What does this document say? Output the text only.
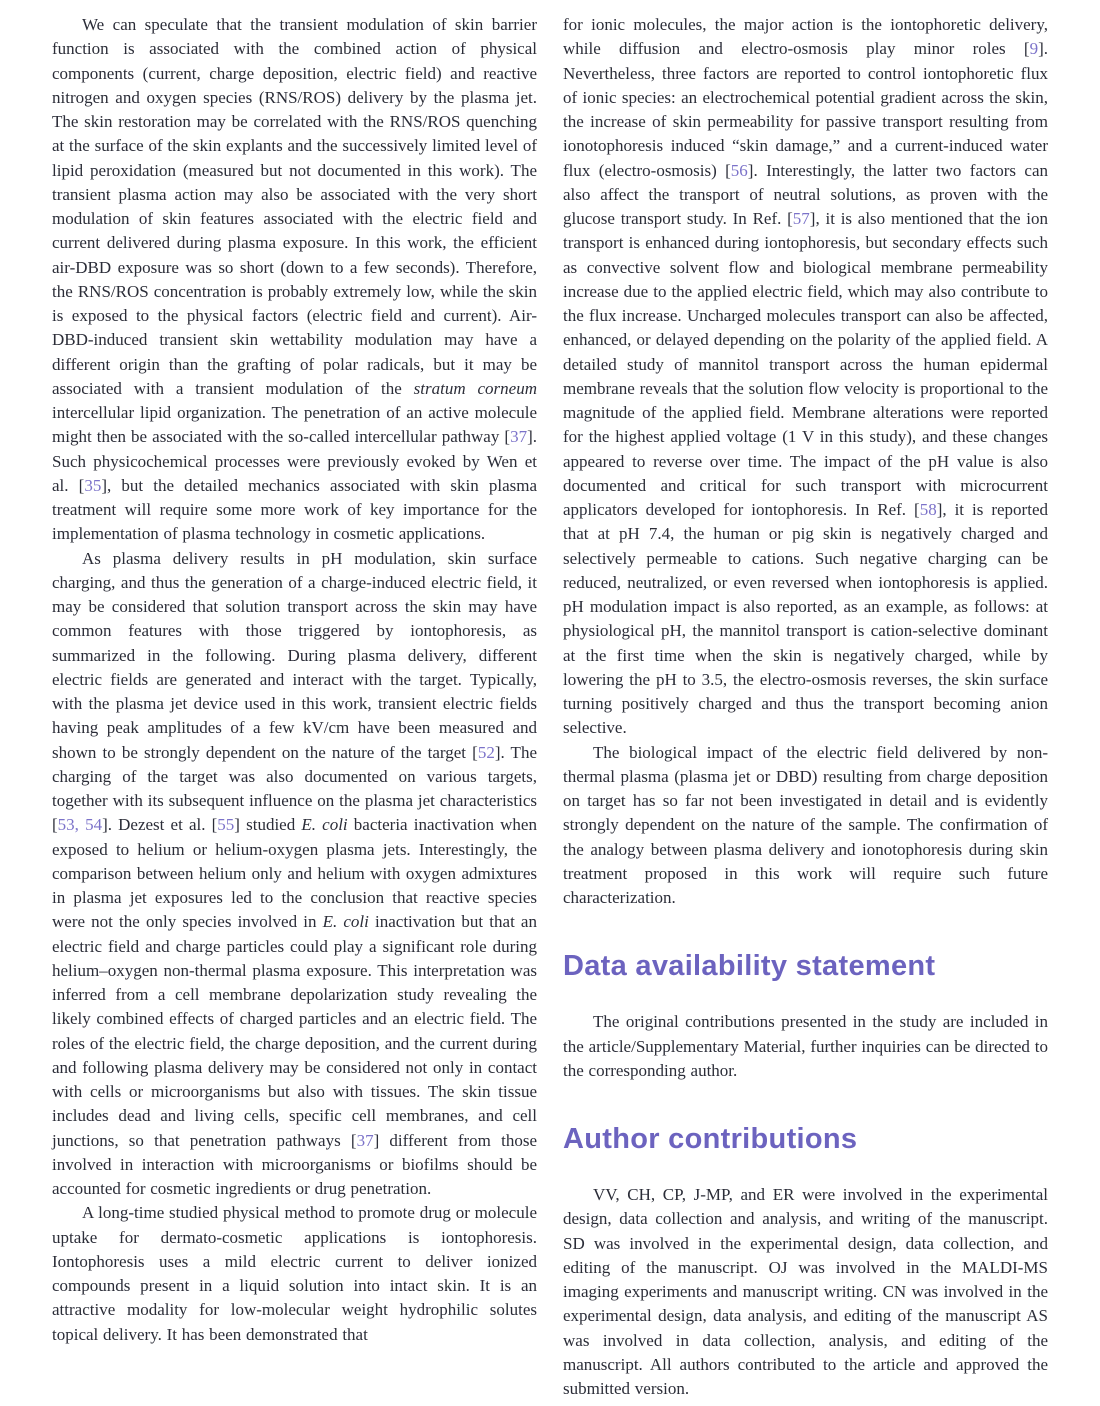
We can speculate that the transient modulation of skin barrier function is associated with the combined action of physical components (current, charge deposition, electric field) and reactive nitrogen and oxygen species (RNS/ROS) delivery by the plasma jet. The skin restoration may be correlated with the RNS/ROS quenching at the surface of the skin explants and the successively limited level of lipid peroxidation (measured but not documented in this work). The transient plasma action may also be associated with the very short modulation of skin features associated with the electric field and current delivered during plasma exposure. In this work, the efficient air-DBD exposure was so short (down to a few seconds). Therefore, the RNS/ROS concentration is probably extremely low, while the skin is exposed to the physical factors (electric field and current). Air-DBD-induced transient skin wettability modulation may have a different origin than the grafting of polar radicals, but it may be associated with a transient modulation of the stratum corneum intercellular lipid organization. The penetration of an active molecule might then be associated with the so-called intercellular pathway [37]. Such physicochemical processes were previously evoked by Wen et al. [35], but the detailed mechanics associated with skin plasma treatment will require some more work of key importance for the implementation of plasma technology in cosmetic applications.

As plasma delivery results in pH modulation, skin surface charging, and thus the generation of a charge-induced electric field, it may be considered that solution transport across the skin may have common features with those triggered by iontophoresis, as summarized in the following. During plasma delivery, different electric fields are generated and interact with the target. Typically, with the plasma jet device used in this work, transient electric fields having peak amplitudes of a few kV/cm have been measured and shown to be strongly dependent on the nature of the target [52]. The charging of the target was also documented on various targets, together with its subsequent influence on the plasma jet characteristics [53, 54]. Dezest et al. [55] studied E. coli bacteria inactivation when exposed to helium or helium-oxygen plasma jets. Interestingly, the comparison between helium only and helium with oxygen admixtures in plasma jet exposures led to the conclusion that reactive species were not the only species involved in E. coli inactivation but that an electric field and charge particles could play a significant role during helium–oxygen non-thermal plasma exposure. This interpretation was inferred from a cell membrane depolarization study revealing the likely combined effects of charged particles and an electric field. The roles of the electric field, the charge deposition, and the current during and following plasma delivery may be considered not only in contact with cells or microorganisms but also with tissues. The skin tissue includes dead and living cells, specific cell membranes, and cell junctions, so that penetration pathways [37] different from those involved in interaction with microorganisms or biofilms should be accounted for cosmetic ingredients or drug penetration.

A long-time studied physical method to promote drug or molecule uptake for dermato-cosmetic applications is iontophoresis. Iontophoresis uses a mild electric current to deliver ionized compounds present in a liquid solution into intact skin. It is an attractive modality for low-molecular weight hydrophilic solutes topical delivery. It has been demonstrated that

for ionic molecules, the major action is the iontophoretic delivery, while diffusion and electro-osmosis play minor roles [9]. Nevertheless, three factors are reported to control iontophoretic flux of ionic species: an electrochemical potential gradient across the skin, the increase of skin permeability for passive transport resulting from ionotophoresis induced “skin damage,” and a current-induced water flux (electro-osmosis) [56]. Interestingly, the latter two factors can also affect the transport of neutral solutions, as proven with the glucose transport study. In Ref. [57], it is also mentioned that the ion transport is enhanced during iontophoresis, but secondary effects such as convective solvent flow and biological membrane permeability increase due to the applied electric field, which may also contribute to the flux increase. Uncharged molecules transport can also be affected, enhanced, or delayed depending on the polarity of the applied field. A detailed study of mannitol transport across the human epidermal membrane reveals that the solution flow velocity is proportional to the magnitude of the applied field. Membrane alterations were reported for the highest applied voltage (1 V in this study), and these changes appeared to reverse over time. The impact of the pH value is also documented and critical for such transport with microcurrent applicators developed for iontophoresis. In Ref. [58], it is reported that at pH 7.4, the human or pig skin is negatively charged and selectively permeable to cations. Such negative charging can be reduced, neutralized, or even reversed when iontophoresis is applied. pH modulation impact is also reported, as an example, as follows: at physiological pH, the mannitol transport is cation-selective dominant at the first time when the skin is negatively charged, while by lowering the pH to 3.5, the electro-osmosis reverses, the skin surface turning positively charged and thus the transport becoming anion selective.

The biological impact of the electric field delivered by non-thermal plasma (plasma jet or DBD) resulting from charge deposition on target has so far not been investigated in detail and is evidently strongly dependent on the nature of the sample. The confirmation of the analogy between plasma delivery and ionotophoresis during skin treatment proposed in this work will require such future characterization.

Data availability statement

The original contributions presented in the study are included in the article/Supplementary Material, further inquiries can be directed to the corresponding author.

Author contributions

VV, CH, CP, J-MP, and ER were involved in the experimental design, data collection and analysis, and writing of the manuscript. SD was involved in the experimental design, data collection, and editing of the manuscript. OJ was involved in the MALDI-MS imaging experiments and manuscript writing. CN was involved in the experimental design, data analysis, and editing of the manuscript AS was involved in data collection, analysis, and editing of the manuscript. All authors contributed to the article and approved the submitted version.
